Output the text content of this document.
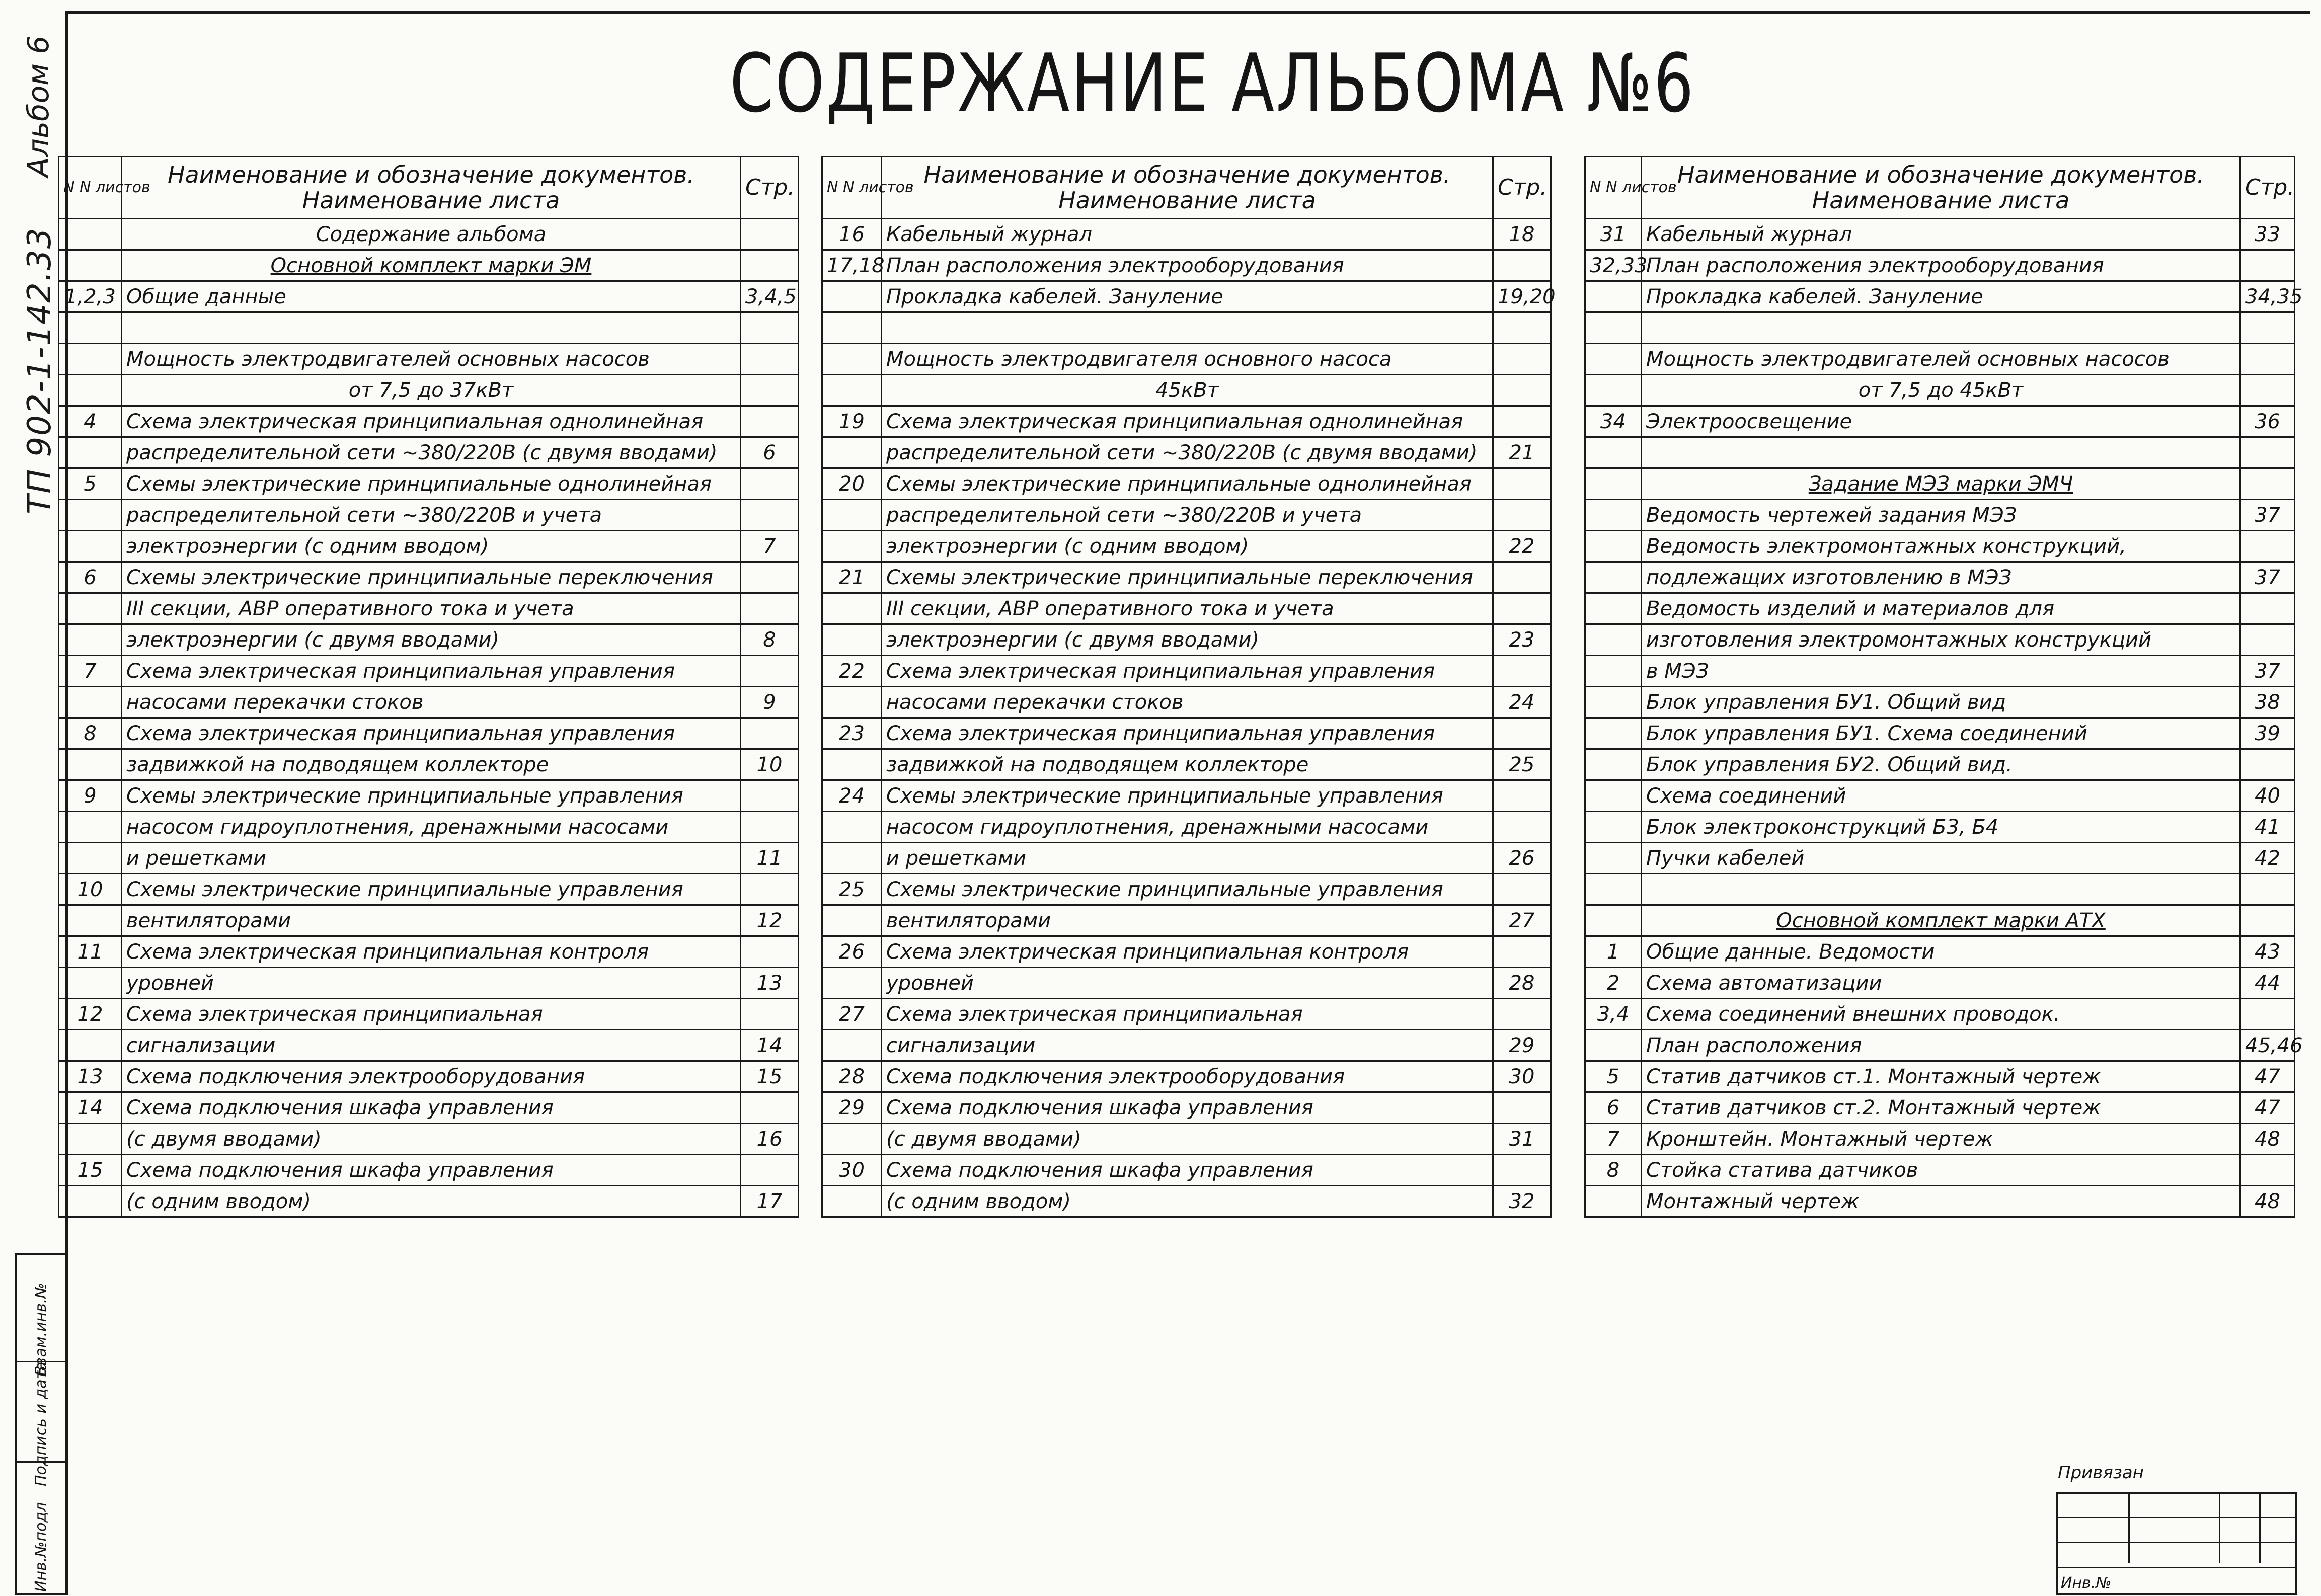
Альбом 6
ТП 902-1-142.33
Инв.№подл
Подпись и дата
Взам.инв.№
СОДЕРЖАНИЕ АЛЬБОМА №6
N N листов	Наименование и обозначение документов.
Наименование листа	Стр.
	Содержание альбома	
	Основной комплект марки ЭМ	
1,2,3	Общие данные	3,4,5

	Мощность электродвигателей основных насосов	
	от 7,5 до 37кВт	
4	Схема электрическая принципиальная однолинейная	
	распределительной сети ~380/220В (с двумя вводами)	6
5	Схемы электрические принципиальные однолинейная	
	распределительной сети ~380/220В и учета	
	электроэнергии (с одним вводом)	7
6	Схемы электрические принципиальные переключения	
	III секции, АВР оперативного тока и учета	
	электроэнергии (с двумя вводами)	8
7	Схема электрическая принципиальная управления	
	насосами перекачки стоков	9
8	Схема электрическая принципиальная управления	
	задвижкой на подводящем коллекторе	10
9	Схемы электрические принципиальные управления	
	насосом гидроуплотнения, дренажными насосами	
	и решетками	11
10	Схемы электрические принципиальные управления	
	вентиляторами	12
11	Схема электрическая принципиальная контроля	
	уровней	13
12	Схема электрическая принципиальная	
	сигнализации	14
13	Схема подключения электрооборудования	15
14	Схема подключения шкафа управления	
	(с двумя вводами)	16
15	Схема подключения шкафа управления	
	(с одним вводом)	17
N N листов	Наименование и обозначение документов.
Наименование листа	Стр.
16	Кабельный журнал	18
17,18	План расположения электрооборудования	
	Прокладка кабелей. Зануление	19,20

	Мощность электродвигателя основного насоса	
	45кВт	
19	Схема электрическая принципиальная однолинейная	
	распределительной сети ~380/220В (с двумя вводами)	21
20	Схемы электрические принципиальные однолинейная	
	распределительной сети ~380/220В и учета	
	электроэнергии (с одним вводом)	22
21	Схемы электрические принципиальные переключения	
	III секции, АВР оперативного тока и учета	
	электроэнергии (с двумя вводами)	23
22	Схема электрическая принципиальная управления	
	насосами перекачки стоков	24
23	Схема электрическая принципиальная управления	
	задвижкой на подводящем коллекторе	25
24	Схемы электрические принципиальные управления	
	насосом гидроуплотнения, дренажными насосами	
	и решетками	26
25	Схемы электрические принципиальные управления	
	вентиляторами	27
26	Схема электрическая принципиальная контроля	
	уровней	28
27	Схема электрическая принципиальная	
	сигнализации	29
28	Схема подключения электрооборудования	30
29	Схема подключения шкафа управления	
	(с двумя вводами)	31
30	Схема подключения шкафа управления	
	(с одним вводом)	32
N N листов	Наименование и обозначение документов.
Наименование листа	Стр.
31	Кабельный журнал	33
32,33	План расположения электрооборудования	
	Прокладка кабелей. Зануление	34,35

	Мощность электродвигателей основных насосов	
	от 7,5 до 45кВт	
34	Электроосвещение	36

	Задание МЭЗ марки ЭМЧ	
	Ведомость чертежей задания МЭЗ	37
	Ведомость электромонтажных конструкций,	
	подлежащих изготовлению в МЭЗ	37
	Ведомость изделий и материалов для	
	изготовления электромонтажных конструкций	
	в МЭЗ	37
	Блок управления БУ1. Общий вид	38
	Блок управления БУ1. Схема соединений	39
	Блок управления БУ2. Общий вид.	
	Схема соединений	40
	Блок электроконструкций Б3, Б4	41
	Пучки кабелей	42

	Основной комплект марки АТХ	
1	Общие данные. Ведомости	43
2	Схема автоматизации	44
3,4	Схема соединений внешних проводок.	
	План расположения	45,46
5	Статив датчиков ст.1. Монтажный чертеж	47
6	Статив датчиков ст.2. Монтажный чертеж	47
7	Кронштейн. Монтажный чертеж	48
8	Стойка статива датчиков	
	Монтажный чертеж	48
Привязан
Инв.№
